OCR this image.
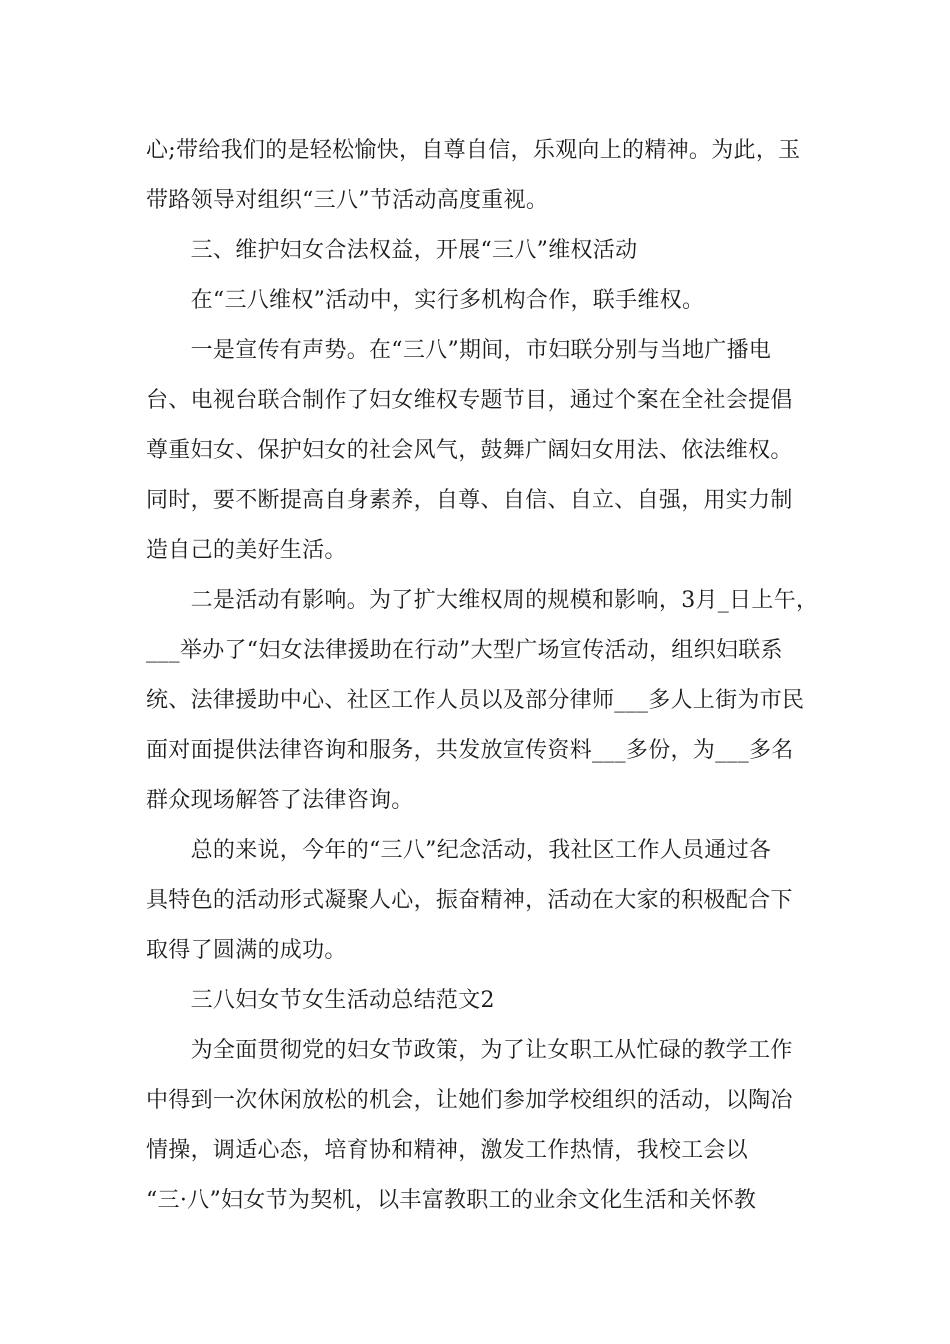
心;带给我们的是轻松愉快，自尊自信，乐观向上的精神。为此，玉
带路领导对组织“三八”节活动高度重视。
　　三、维护妇女合法权益，开展“三八”维权活动
　　在“三八维权”活动中，实行多机构合作，联手维权。
　　一是宣传有声势。在“三八”期间，市妇联分别与当地广播电
台、电视台联合制作了妇女维权专题节目，通过个案在全社会提倡
尊重妇女、保护妇女的社会风气，鼓舞广阔妇女用法、依法维权。
同时，要不断提高自身素养，自尊、自信、自立、自强，用实力制
造自己的美好生活。
　　二是活动有影响。为了扩大维权周的规模和影响，3月_日上午，
___举办了“妇女法律援助在行动”大型广场宣传活动，组织妇联系
统、法律援助中心、社区工作人员以及部分律师___多人上街为市民
面对面提供法律咨询和服务，共发放宣传资料___多份，为___多名
群众现场解答了法律咨询。
　　总的来说，今年的“三八”纪念活动，我社区工作人员通过各
具特色的活动形式凝聚人心，振奋精神，活动在大家的积极配合下
取得了圆满的成功。
　　三八妇女节女生活动总结范文2
　　为全面贯彻党的妇女节政策，为了让女职工从忙碌的教学工作
中得到一次休闲放松的机会，让她们参加学校组织的活动，以陶冶
情操，调适心态，培育协和精神，激发工作热情，我校工会以
“三·八”妇女节为契机，以丰富教职工的业余文化生活和关怀教
